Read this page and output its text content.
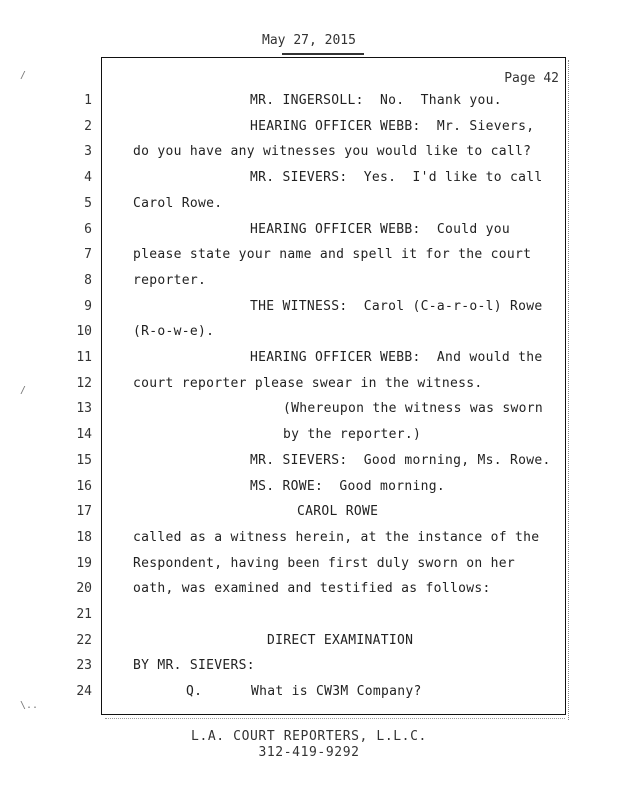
May 27, 2015
Page 42
1	MR. INGERSOLL:  No.  Thank you.
2	HEARING OFFICER WEBB:  Mr. Sievers,
3	do you have any witnesses you would like to call?
4	MR. SIEVERS:  Yes.  I'd like to call
5	Carol Rowe.
6	HEARING OFFICER WEBB:  Could you
7	please state your name and spell it for the court
8	reporter.
9	THE WITNESS:  Carol (C-a-r-o-l) Rowe
10	(R-o-w-e).
11	HEARING OFFICER WEBB:  And would the
12	court reporter please swear in the witness.
13	(Whereupon the witness was sworn
14	by the reporter.)
15	MR. SIEVERS:  Good morning, Ms. Rowe.
16	MS. ROWE:  Good morning.
17	CAROL ROWE
18	called as a witness herein, at the instance of the
19	Respondent, having been first duly sworn on her
20	oath, was examined and testified as follows:
21
22	DIRECT EXAMINATION
23	BY MR. SIEVERS:
24	Q.      What is CW3M Company?
L.A. COURT REPORTERS, L.L.C.
312-419-9292
/
/
\..
